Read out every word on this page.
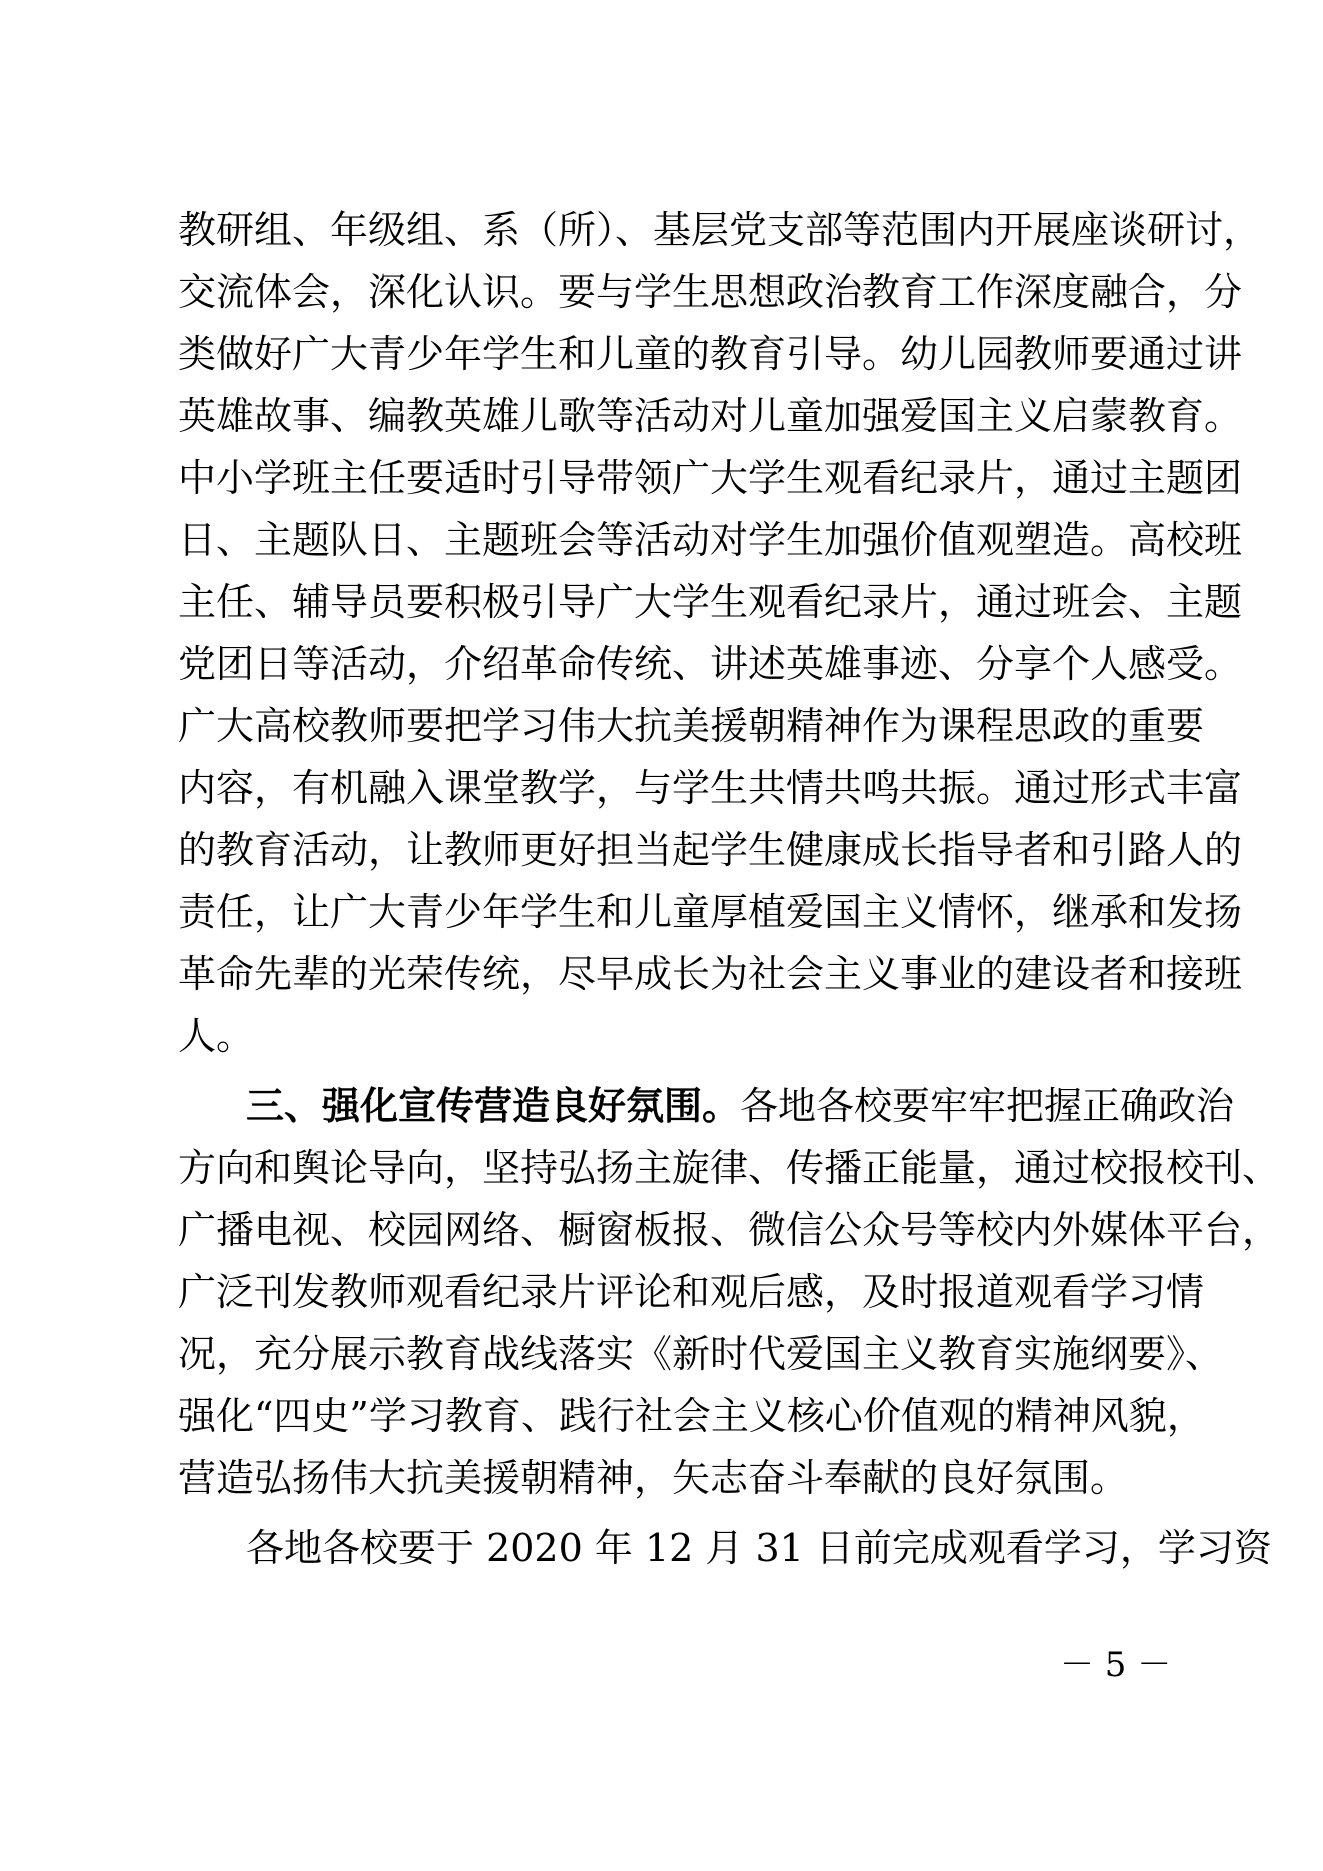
教研组、年级组、系（所）、基层党支部等范围内开展座谈研讨，
交流体会，深化认识。要与学生思想政治教育工作深度融合，分
类做好广大青少年学生和儿童的教育引导。幼儿园教师要通过讲
英雄故事、编教英雄儿歌等活动对儿童加强爱国主义启蒙教育。
中小学班主任要适时引导带领广大学生观看纪录片，通过主题团
日、主题队日、主题班会等活动对学生加强价值观塑造。高校班
主任、辅导员要积极引导广大学生观看纪录片，通过班会、主题
党团日等活动，介绍革命传统、讲述英雄事迹、分享个人感受。
广大高校教师要把学习伟大抗美援朝精神作为课程思政的重要
内容，有机融入课堂教学，与学生共情共鸣共振。通过形式丰富
的教育活动，让教师更好担当起学生健康成长指导者和引路人的
责任，让广大青少年学生和儿童厚植爱国主义情怀，继承和发扬
革命先辈的光荣传统，尽早成长为社会主义事业的建设者和接班
人。
三、强化宣传营造良好氛围。各地各校要牢牢把握正确政治
方向和舆论导向，坚持弘扬主旋律、传播正能量，通过校报校刊、
广播电视、校园网络、橱窗板报、微信公众号等校内外媒体平台，
广泛刊发教师观看纪录片评论和观后感，及时报道观看学习情
况，充分展示教育战线落实《新时代爱国主义教育实施纲要》、
强化“四史”学习教育、践行社会主义核心价值观的精神风貌，
营造弘扬伟大抗美援朝精神，矢志奋斗奉献的良好氛围。
各地各校要于 2020 年 12 月 31 日前完成观看学习，学习资
－ 5 －
